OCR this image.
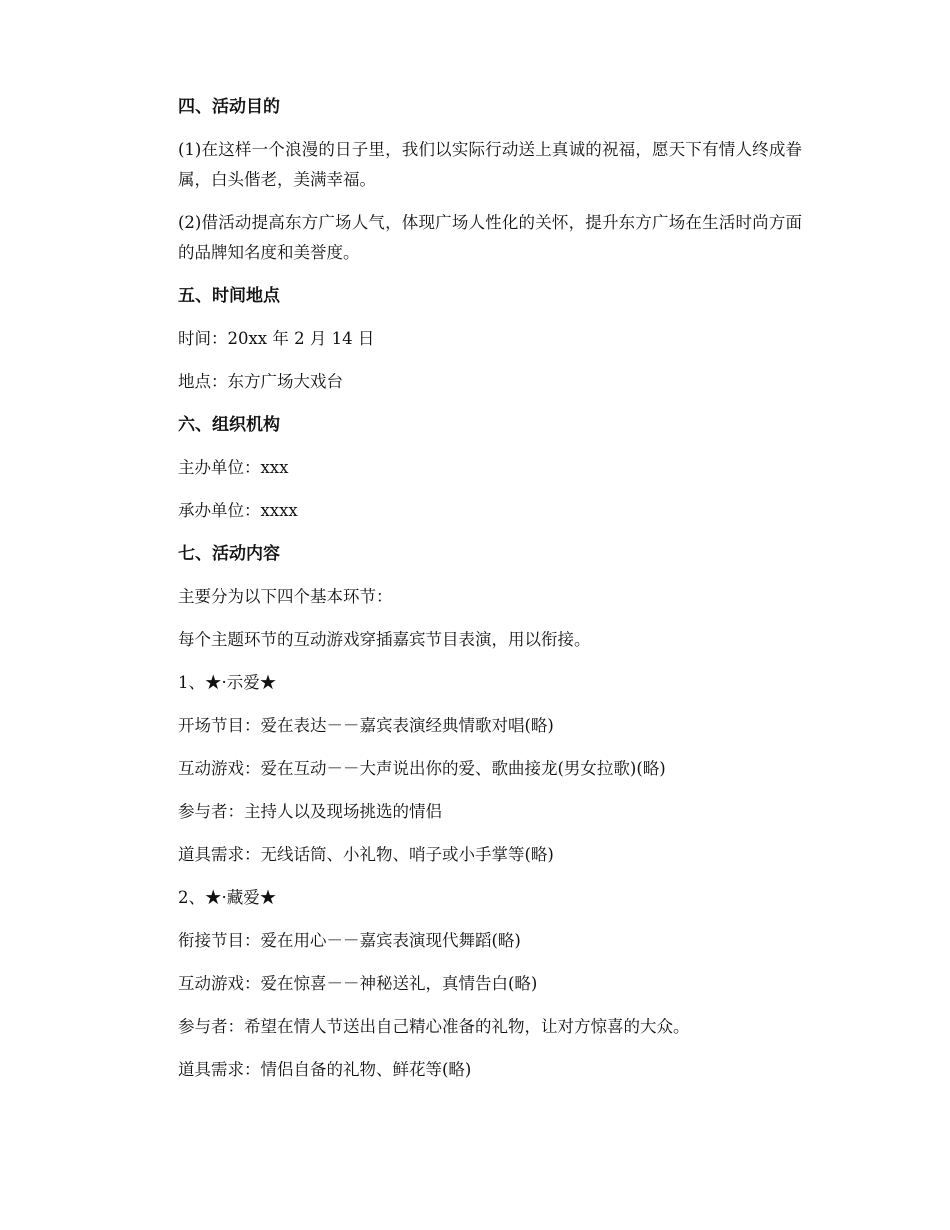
四、活动目的

(1)在这样一个浪漫的日子里，我们以实际行动送上真诚的祝福，愿天下有情人终成眷属，白头偕老，美满幸福。

(2)借活动提高东方广场人气，体现广场人性化的关怀，提升东方广场在生活时尚方面的品牌知名度和美誉度。

五、时间地点

时间：20xx 年 2 月 14 日

地点：东方广场大戏台

六、组织机构

主办单位：xxx

承办单位：xxxx

七、活动内容

主要分为以下四个基本环节：

每个主题环节的互动游戏穿插嘉宾节目表演，用以衔接。

1、★·示爱★

开场节目：爱在表达－－嘉宾表演经典情歌对唱(略)

互动游戏：爱在互动－－大声说出你的爱、歌曲接龙(男女拉歌)(略)

参与者：主持人以及现场挑选的情侣

道具需求：无线话筒、小礼物、哨子或小手掌等(略)

2、★·藏爱★

衔接节目：爱在用心－－嘉宾表演现代舞蹈(略)

互动游戏：爱在惊喜－－神秘送礼，真情告白(略)

参与者：希望在情人节送出自己精心准备的礼物，让对方惊喜的大众。

道具需求：情侣自备的礼物、鲜花等(略)
